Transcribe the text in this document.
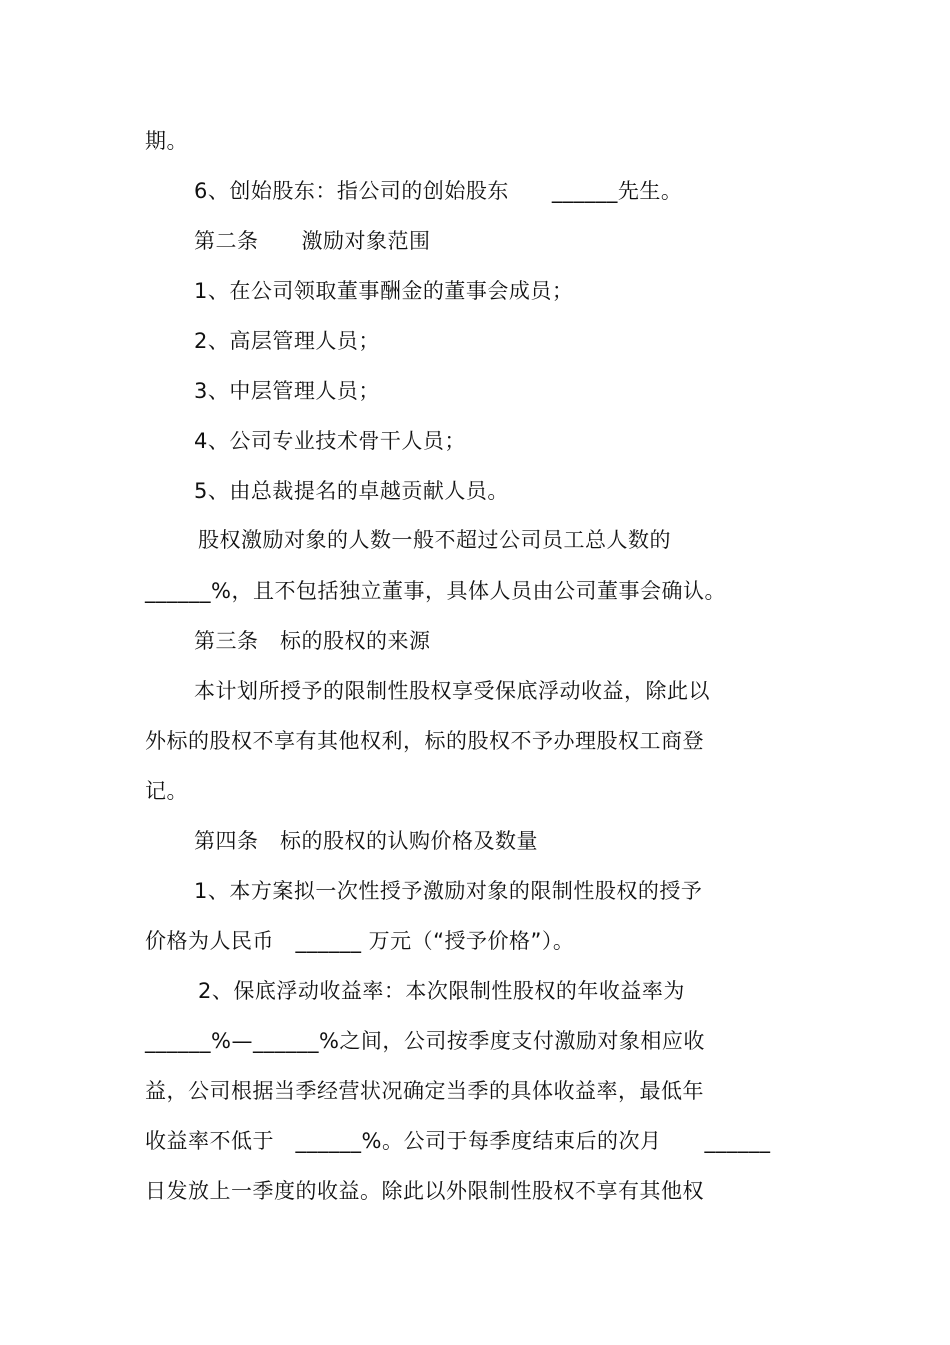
期。
6、创始股东：指公司的创始股东　　______先生。
第二条　　激励对象范围
1、在公司领取董事酬金的董事会成员；
2、高层管理人员；
3、中层管理人员；
4、公司专业技术骨干人员；
5、由总裁提名的卓越贡献人员。
股权激励对象的人数一般不超过公司员工总人数的
______%，且不包括独立董事，具体人员由公司董事会确认。
第三条　标的股权的来源
本计划所授予的限制性股权享受保底浮动收益，除此以
外标的股权不享有其他权利，标的股权不予办理股权工商登
记。
第四条　标的股权的认购价格及数量
1、本方案拟一次性授予激励对象的限制性股权的授予
价格为人民币　______ 万元（“授予价格”）。
2、保底浮动收益率：本次限制性股权的年收益率为
______%—______%之间，公司按季度支付激励对象相应收
益，公司根据当季经营状况确定当季的具体收益率，最低年
收益率不低于　______%。公司于每季度结束后的次月　　______
日发放上一季度的收益。除此以外限制性股权不享有其他权
